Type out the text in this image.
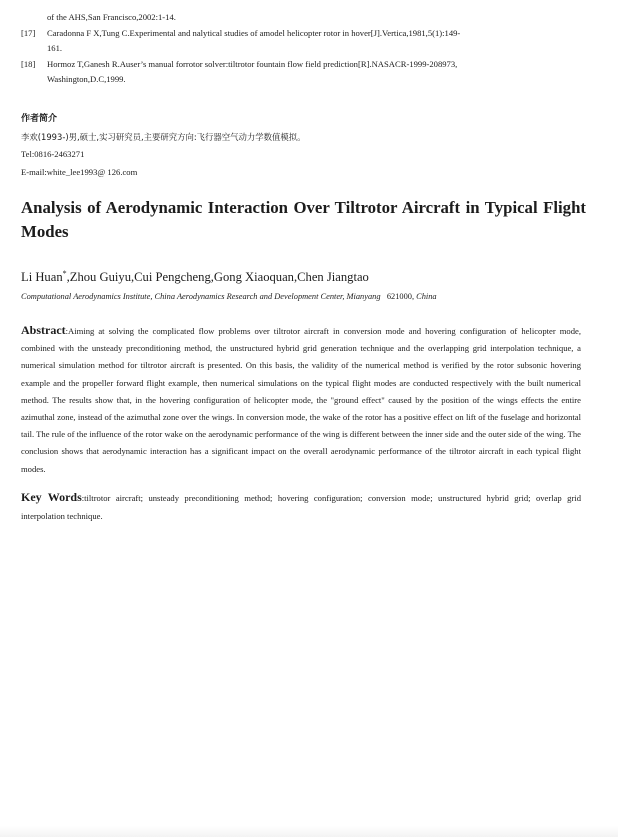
of the AHS,San Francisco,2002:1-14.
[17]	Caradonna F X,Tung C.Experimental and nalytical studies of amodel helicopter rotor in hover[J].Vertica,1981,5(1):149-
161.
[18]	Hormoz T,Ganesh R.Auser’s manual forrotor solver:tiltrotor fountain flow field prediction[R].NASACR-1999-208973,
Washington,D.C,1999.
作者简介
李欢(1993-)男,硕士,实习研究员,主要研究方向:飞行器空气动力学数值模拟。
Tel:0816-2463271
E-mail:white_lee1993@ 126.com
Analysis of Aerodynamic Interaction Over Tiltrotor Aircraft in Typical Flight Modes
Li Huan*,Zhou Guiyu,Cui Pengcheng,Gong Xiaoquan,Chen Jiangtao
Computational Aerodynamics Institute, China Aerodynamics Research and Development Center, Mianyang 621000, China
Abstract:Aiming at solving the complicated flow problems over tiltrotor aircraft in conversion mode and hovering configuration of helicopter mode, combined with the unsteady preconditioning method, the unstructured hybrid grid generation technique and the overlapping grid interpolation technique, a numerical simulation method for tiltrotor aircraft is presented. On this basis, the validity of the numerical method is verified by the rotor subsonic hovering example and the propeller forward flight example, then numerical simulations on the typical flight modes are conducted respectively with the built numerical method. The results show that, in the hovering configuration of helicopter mode, the "ground effect" caused by the position of the wings effects the entire azimuthal zone, instead of the azimuthal zone over the wings. In conversion mode, the wake of the rotor has a positive effect on lift of the fuselage and horizontal tail. The rule of the influence of the rotor wake on the aerodynamic performance of the wing is different between the inner side and the outer side of the wing. The conclusion shows that aerodynamic interaction has a significant impact on the overall aerodynamic performance of the tiltrotor aircraft in each typical flight modes.
Key Words:tiltrotor aircraft; unsteady preconditioning method; hovering configuration; conversion mode; unstructured hybrid grid; overlap grid interpolation technique.
